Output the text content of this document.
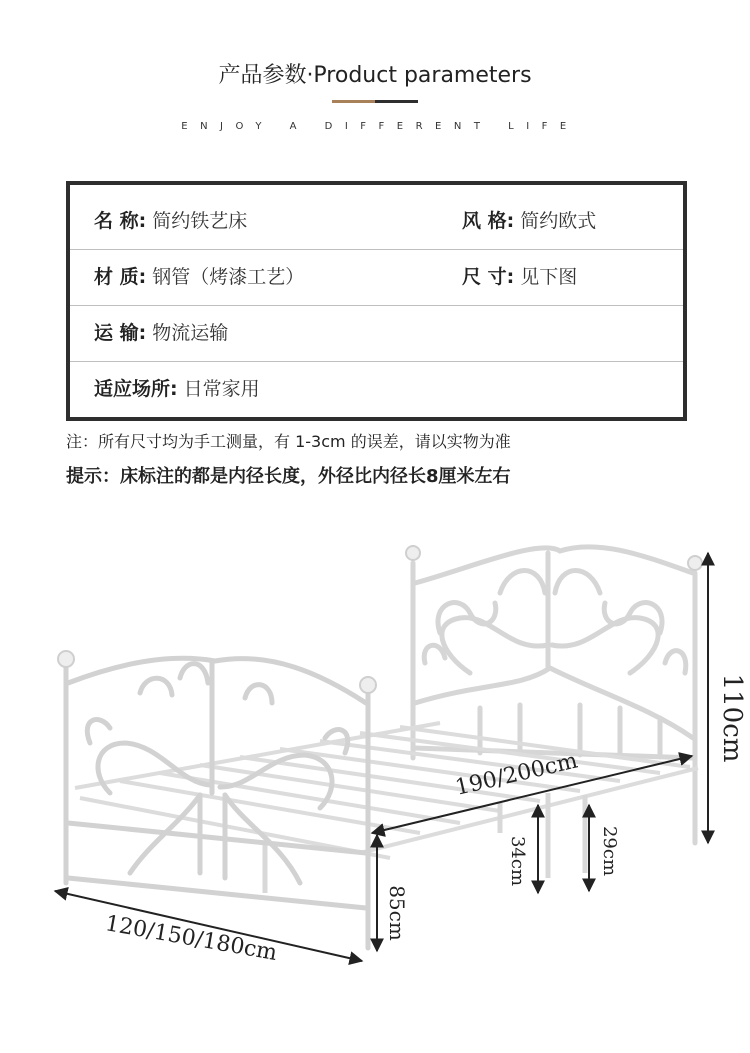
产品参数·Product parameters
ENJOY A DIFFERENT LIFE
名 称: 简约铁艺床	风 格: 简约欧式
材 质: 钢管（烤漆工艺）	尺 寸: 见下图
运 输: 物流运输
适应场所: 日常家用
注：所有尺寸均为手工测量，有 1-3cm 的误差，请以实物为准
提示：床标注的都是内径长度，外径比内径长8厘米左右
120/150/180cm
190/200cm
110cm
85cm
34cm	29cm
